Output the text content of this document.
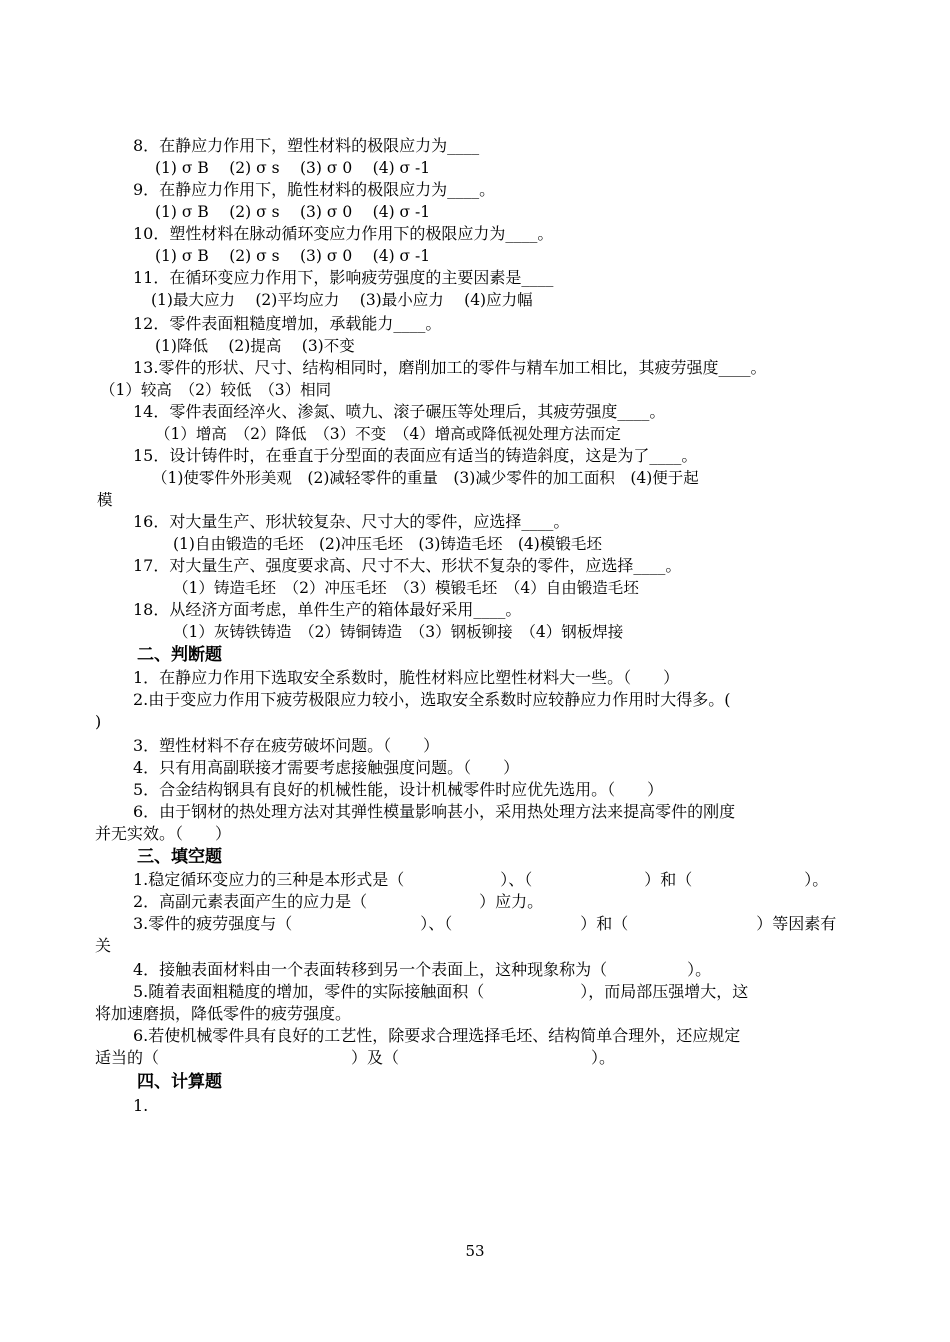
8．在静应力作用下，塑性材料的极限应力为____
(1) σ B　 (2) σ s　 (3) σ 0　 (4) σ -1
9．在静应力作用下，脆性材料的极限应力为____。
(1) σ B　 (2) σ s　 (3) σ 0　 (4) σ -1
10．塑性材料在脉动循环变应力作用下的极限应力为____。
(1) σ B　 (2) σ s　 (3) σ 0　 (4) σ -1
11．在循环变应力作用下，影响疲劳强度的主要因素是____
(1)最大应力　 (2)平均应力　 (3)最小应力　 (4)应力幅
12．零件表面粗糙度增加，承载能力____。
(1)降低　 (2)提高　 (3)不变
13.零件的形状、尺寸、结构相同时，磨削加工的零件与精车加工相比，其疲劳强度____。
（1）较高　（2）较低　（3）相同
14．零件表面经淬火、渗氮、喷九、滚子碾压等处理后，其疲劳强度____。
（1）增高　（2）降低　（3）不变　（4）增高或降低视处理方法而定
15．设计铸件时，在垂直于分型面的表面应有适当的铸造斜度，这是为了____。
（1)使零件外形美观　(2)减轻零件的重量　(3)减少零件的加工面积　(4)便于起
模
16．对大量生产、形状较复杂、尺寸大的零件，应选择____。
(1)自由锻造的毛坯　(2)冲压毛坯　(3)铸造毛坯　(4)模锻毛坯
17．对大量生产、强度要求高、尺寸不大、形状不复杂的零件，应选择____。
（1）铸造毛坯　（2）冲压毛坯　（3）模锻毛坯　（4）自由锻造毛坯
18．从经济方面考虑，单件生产的箱体最好采用____。
（1）灰铸铁铸造　（2）铸铜铸造　（3）钢板铆接　（4）钢板焊接
二、判断题
1．在静应力作用下选取安全系数时，脆性材料应比塑性材料大一些。（　　）
2.由于变应力作用下疲劳极限应力较小，选取安全系数时应较静应力作用时大得多。(
)
3．塑性材料不存在疲劳破坏问题。（　　）
4．只有用高副联接才需要考虑接触强度问题。（　　）
5．合金结构钢具有良好的机械性能，设计机械零件时应优先选用。（　　）
6．由于钢材的热处理方法对其弹性模量影响甚小，采用热处理方法来提高零件的刚度
并无实效。（　　）
三、填空题
1.稳定循环变应力的三种是本形式是（　　　　　　）、（　　　　　　　）和（　　　　　　　）。
2．高副元素表面产生的应力是（　　　　　　　）应力。
3.零件的疲劳强度与（　　　　　　　　）、（　　　　　　　　）和（　　　　　　　　）等因素有
关
4．接触表面材料由一个表面转移到另一个表面上，这种现象称为（　　　　　）。
5.随着表面粗糙度的增加，零件的实际接触面积（　　　　　　），而局部压强增大，这
将加速磨损，降低零件的疲劳强度。
6.若使机械零件具有良好的工艺性，除要求合理选择毛坯、结构简单合理外，还应规定
适当的（　　　　　　　　　　　　）及（　　　　　　　　　　　　）。
四、计算题
1.
53
